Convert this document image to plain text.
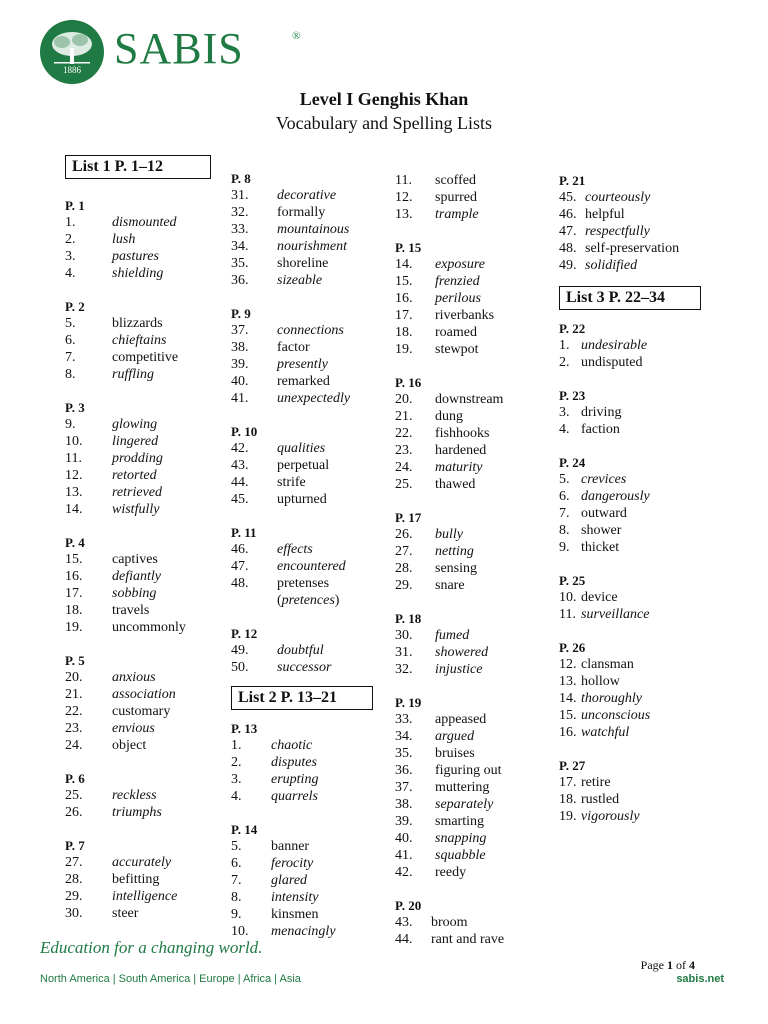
1886 SABIS	®
Level I Genghis Khan
Vocabulary and Spelling Lists
List 1 P. 1–12
P. 1
1.	dismounted
2.	lush
3.	pastures
4.	shielding
P. 2
5.	blizzards
6.	chieftains
7.	competitive
8.	ruffling
P. 3
9.	glowing
10. lingered
11. prodding
12. retorted
13. retrieved
14. wistfully
P. 4
15. captives
16. defiantly
17. sobbing
18. travels
19. uncommonly
P. 5
20. anxious
21. association
22. customary
23. envious
24. object
P. 6
25. reckless
26. triumphs
P. 7
27. accurately
28. befitting
29. intelligence
30. steer
P. 8
31. decorative
32. formally
33. mountainous
34. nourishment
35. shoreline
36. sizeable
P. 9
37. connections
38. factor
39. presently
40. remarked
41. unexpectedly
P. 10
42. qualities
43. perpetual
44. strife
45. upturned
P. 11
46. effects
47. encountered
48. pretenses
(pretences)
P. 12
49. doubtful
50. successor
List 2 P. 13–21
P. 13
1. chaotic
2. disputes
3. erupting
4. quarrels
P. 14
5. banner
6. ferocity
7. glared
8. intensity
9. kinsmen
10. menacingly
11. scoffed
12. spurred
13. trample
P. 15
14. exposure
15. frenzied
16. perilous
17. riverbanks
18. roamed
19. stewpot
P. 16
20. downstream
21. dung
22. fishhooks
23. hardened
24. maturity
25. thawed
P. 17
26. bully
27. netting
28. sensing
29. snare
P. 18
30. fumed
31. showered
32. injustice
P. 19
33. appeased
34. argued
35. bruises
36. figuring out
37. muttering
38. separately
39. smarting
40. snapping
41. squabble
42. reedy
P. 20
43. broom
44. rant and rave
P. 21
45. courteously
46. helpful
47. respectfully
48. self-preservation
49. solidified
List 3 P. 22–34
P. 22
1. undesirable
2. undisputed
P. 23
3. driving
4. faction
P. 24
5. crevices
6. dangerously
7. outward
8. shower
9. thicket
P. 25
10. device
11. surveillance
P. 26
12. clansman
13. hollow
14. thoroughly
15. unconscious
16. watchful
P. 27
17. retire
18. rustled
19. vigorously
Education for a changing world.
Page 1 of 4
North America | South America | Europe | Africa | Asia	sabis.net
